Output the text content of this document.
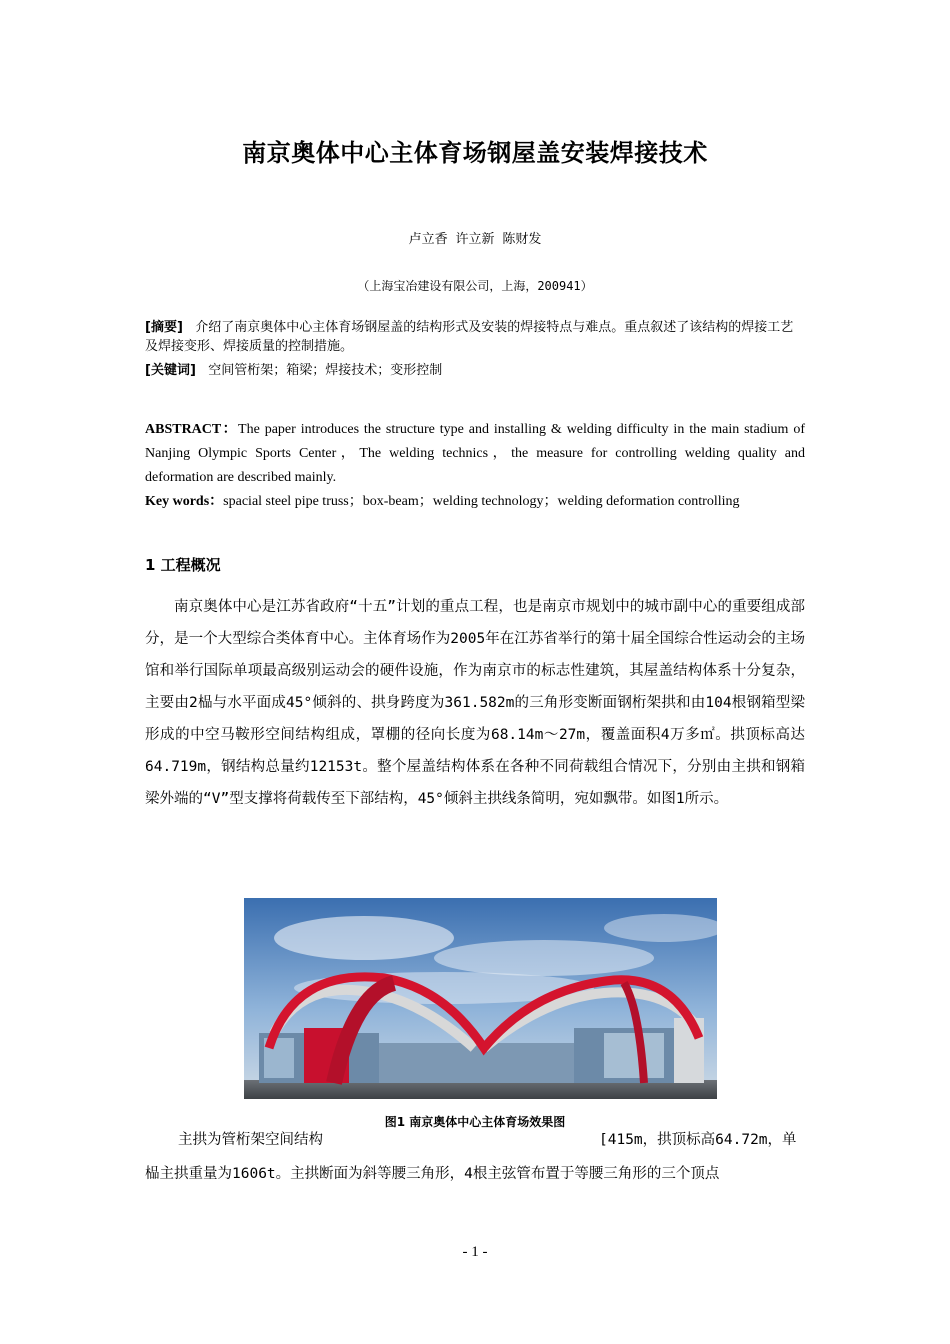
南京奥体中心主体育场钢屋盖安装焊接技术
卢立香 许立新 陈财发
（上海宝冶建设有限公司，上海，200941）
[摘要] 介绍了南京奥体中心主体育场钢屋盖的结构形式及安装的焊接特点与难点。重点叙述了该结构的焊接工艺及焊接变形、焊接质量的控制措施。
[关键词] 空间管桁架；箱梁；焊接技术；变形控制
ABSTRACT：The paper introduces the structure type and installing & welding difficulty in the main stadium of Nanjing Olympic Sports Center，The welding technics，the measure for controlling welding quality and deformation are described mainly.
Key words：spacial steel pipe truss；box-beam；welding technology；welding deformation controlling
1 工程概况
南京奥体中心是江苏省政府“十五”计划的重点工程，也是南京市规划中的城市副中心的重要组成部分，是一个大型综合类体育中心。主体育场作为2005年在江苏省举行的第十届全国综合性运动会的主场馆和举行国际单项最高级别运动会的硬件设施，作为南京市的标志性建筑，其屋盖结构体系十分复杂，主要由2榀与水平面成45°倾斜的、拱身跨度为361.582m的三角形变断面钢桁架拱和由104根钢箱型梁形成的中空马鞍形空间结构组成，罩棚的径向长度为68.14m～27m，覆盖面积4万多㎡。拱顶标高达64.719m，钢结构总量约12153t。整个屋盖结构体系在各种不同荷载组合情况下，分别由主拱和钢箱梁外端的“V”型支撑将荷载传至下部结构，45°倾斜主拱线条简明，宛如飘带。如图1所示。
图1 南京奥体中心主体育场效果图
主拱为管桁架空间结构	[415m，拱顶标高64.72m，单
榀主拱重量为1606t。主拱断面为斜等腰三角形，4根主弦管布置于等腰三角形的三个顶点
- 1 -
